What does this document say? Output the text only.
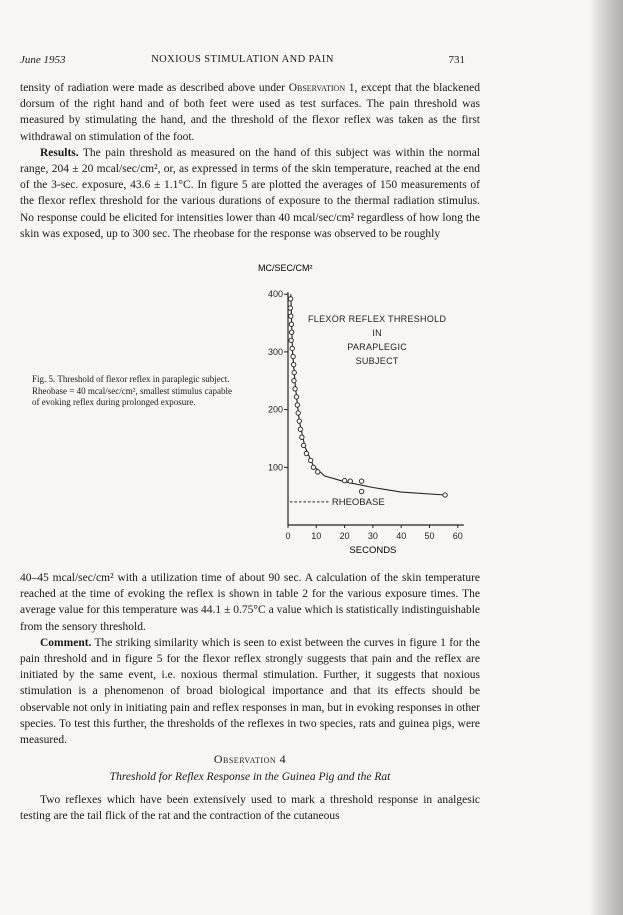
June 1953	NOXIOUS STIMULATION AND PAIN	731

tensity of radiation were made as described above under Observation 1, except that the blackened dorsum of the right hand and of both feet were used as test surfaces. The pain threshold was measured by stimulating the hand, and the threshold of the flexor reflex was taken as the first withdrawal on stimulation of the foot.

Results. The pain threshold as measured on the hand of this subject was within the normal range, 204 ± 20 mcal/sec/cm², or, as expressed in terms of the skin temperature, reached at the end of the 3-sec. exposure, 43.6 ± 1.1°C. In figure 5 are plotted the averages of 150 measurements of the flexor reflex threshold for the various durations of exposure to the thermal radiation stimulus. No response could be elicited for intensities lower than 40 mcal/sec/cm² regardless of how long the skin was exposed, up to 300 sec. The rheobase for the response was observed to be roughly

Fig. 5. Threshold of flexor reflex in paraplegic subject. Rheobase = 40 mcal/sec/cm², smallest stimulus capable of evoking reflex during prolonged exposure.
MC/SEC/CM²
SECONDS
100
200
300
400
0 10 20 30 40 50 60
RHEOBASE
FLEXOR REFLEX THRESHOLD
IN
PARAPLEGIC
SUBJECT

40–45 mcal/sec/cm² with a utilization time of about 90 sec. A calculation of the skin temperature reached at the time of evoking the reflex is shown in table 2 for the various exposure times. The average value for this temperature was 44.1 ± 0.75°C a value which is statistically indistinguishable from the sensory threshold.

Comment. The striking similarity which is seen to exist between the curves in figure 1 for the pain threshold and in figure 5 for the flexor reflex strongly suggests that pain and the reflex are initiated by the same event, i.e. noxious thermal stimulation. Further, it suggests that noxious stimulation is a phenomenon of broad biological importance and that its effects should be observable not only in initiating pain and reflex responses in man, but in evoking responses in other species. To test this further, the thresholds of the reflexes in two species, rats and guinea pigs, were measured.

Observation 4
Threshold for Reflex Response in the Guinea Pig and the Rat
Two reflexes which have been extensively used to mark a threshold response in analgesic testing are the tail flick of the rat and the contraction of the cutaneous
